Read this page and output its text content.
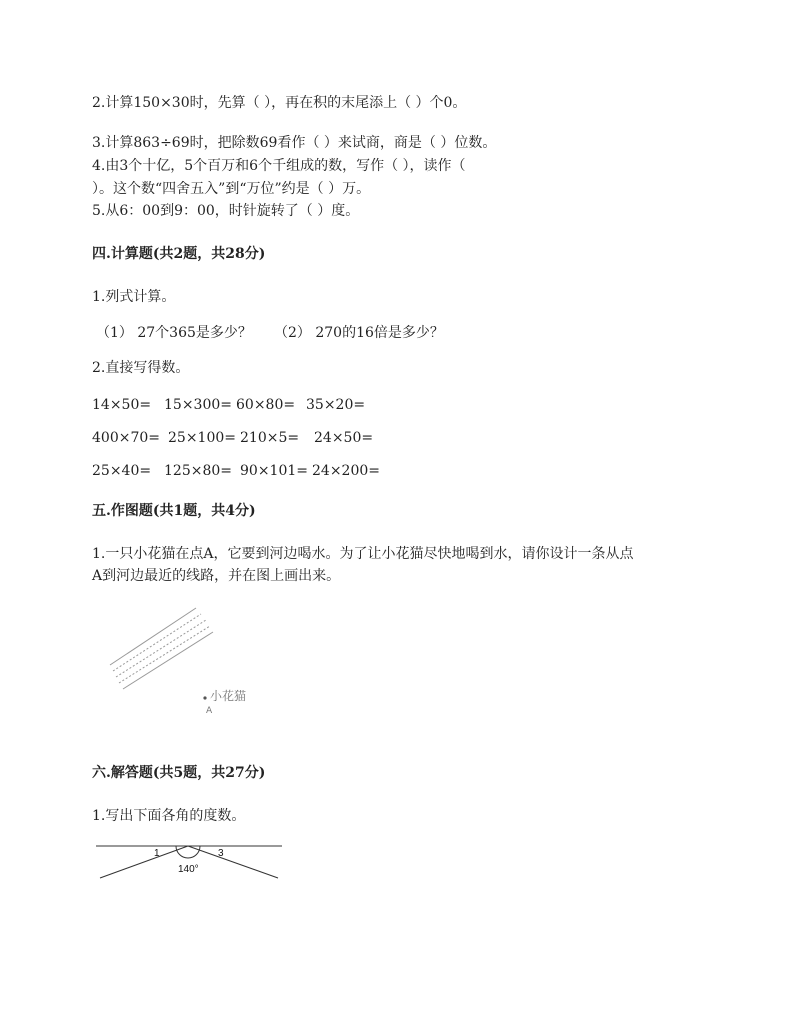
2.计算150×30时，先算（ ），再在积的末尾添上（ ）个0。
3.计算863÷69时，把除数69看作（ ）来试商，商是（ ）位数。
4.由3个十亿，5个百万和6个千组成的数，写作（ ），读作（
）。这个数“四舍五入”到“万位”约是（ ）万。
5.从6：00到9：00，时针旋转了（ ）度。
四.计算题(共2题，共28分)
1.列式计算。
（1） 27个365是多少？ （2） 270的16倍是多少？
2.直接写得数。
14×50= 15×300= 60×80= 35×20=
400×70= 25×100= 210×5= 24×50=
25×40= 125×80= 90×101= 24×200=
五.作图题(共1题，共4分)
1.一只小花猫在点A，它要到河边喝水。为了让小花猫尽快地喝到水，请你设计一条从点
A到河边最近的线路，并在图上画出来。
小花猫
A
六.解答题(共5题，共27分)
1.写出下面各角的度数。
1	3
140°
